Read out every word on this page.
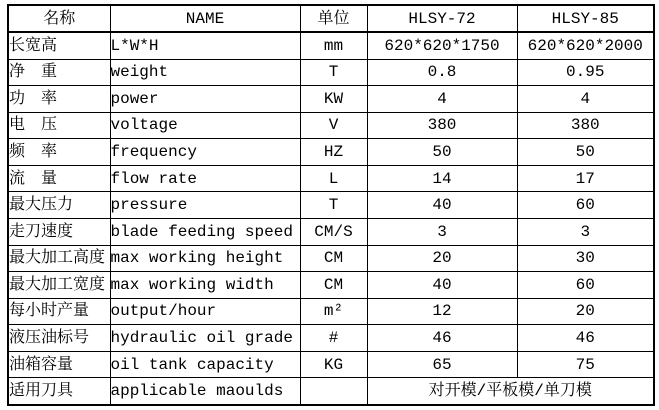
名称	NAME	单位	HLSY-72	HLSY-85
长宽高	L*W*H	mm	620*620*1750	620*620*2000
净　重	weight	T	0.8	0.95
功　率	power	KW	4	4
电　压	voltage	V	380	380
频　率	frequency	HZ	50	50
流　量	flow rate	L	14	17
最大压力	pressure	T	40	60
走刀速度	blade feeding speed	CM/S	3	3
最大加工高度	max working height	CM	20	30
最大加工宽度	max working width	CM	40	60
每小时产量	output/hour	m²	12	20
液压油标号	hydraulic oil grade	#	46	46
油箱容量	oil tank capacity	KG	65	75
适用刀具	applicable maoulds		对开模/平板模/单刀模	
